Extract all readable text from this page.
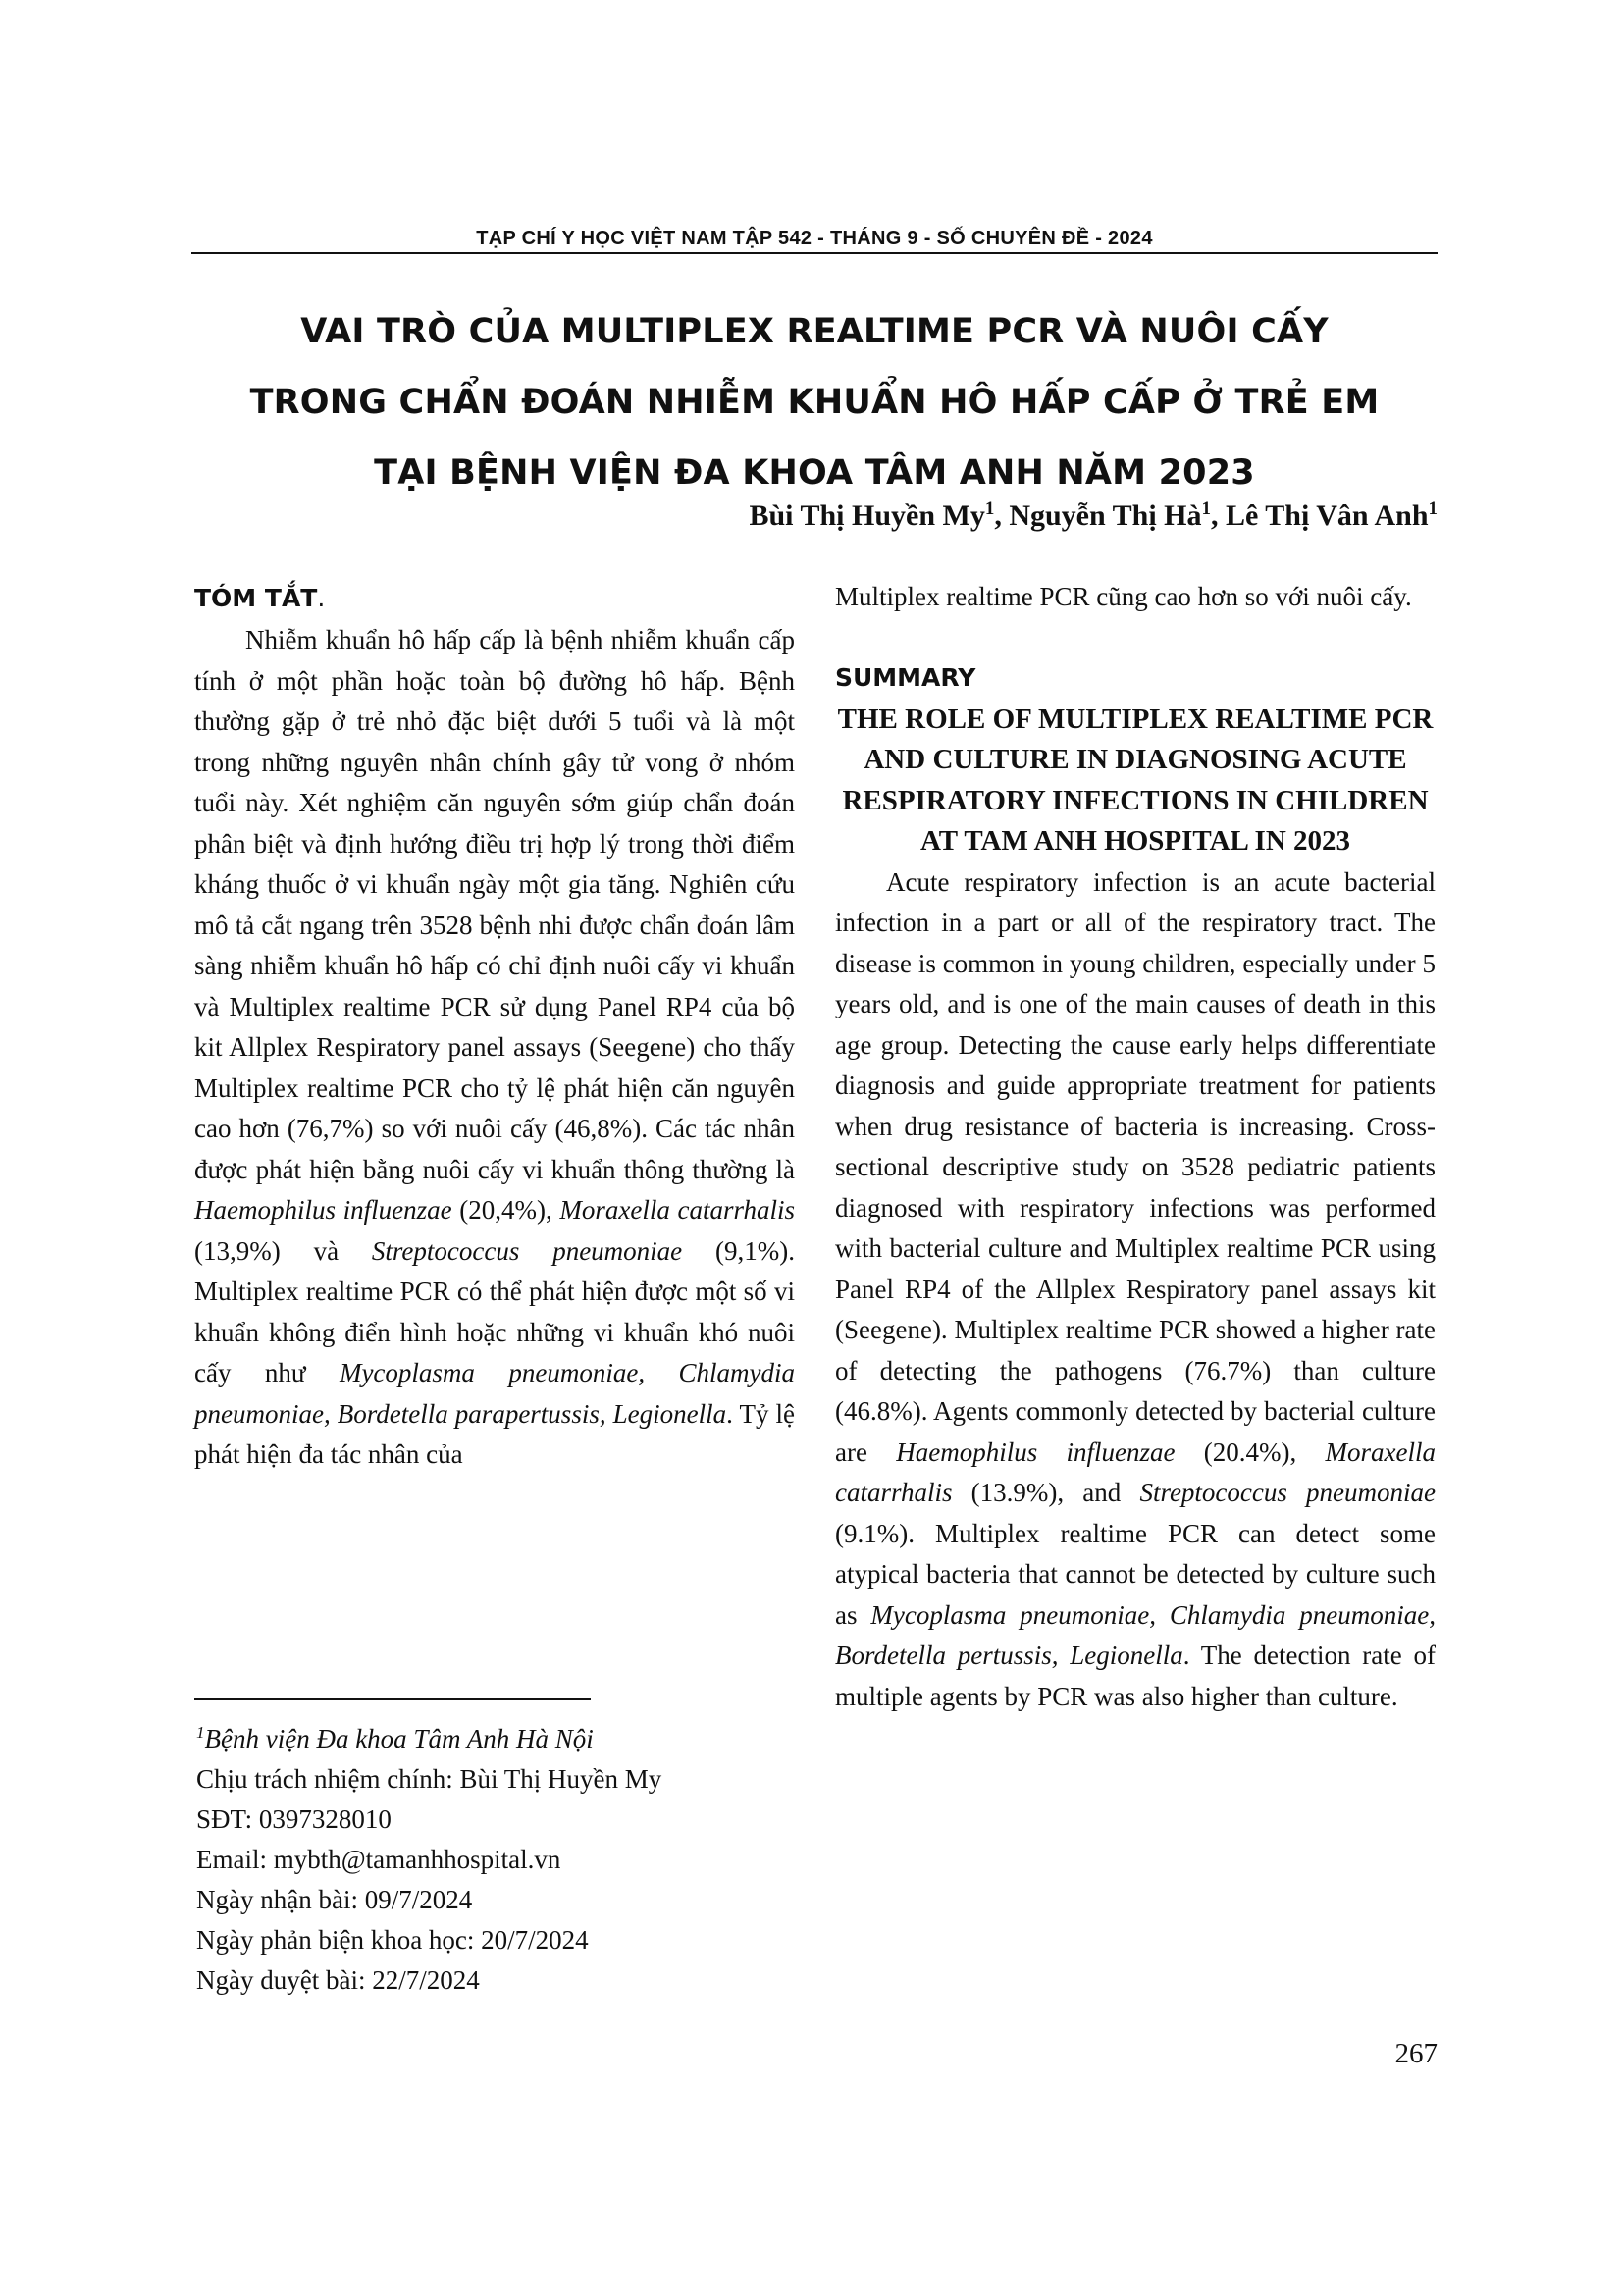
TẠP CHÍ Y HỌC VIỆT NAM TẬP 542 - THÁNG 9 - SỐ CHUYÊN ĐỀ - 2024
VAI TRÒ CỦA MULTIPLEX REALTIME PCR VÀ NUÔI CẤY
TRONG CHẨN ĐOÁN NHIỄM KHUẨN HÔ HẤP CẤP Ở TRẺ EM
TẠI BỆNH VIỆN ĐA KHOA TÂM ANH NĂM 2023
Bùi Thị Huyền My$^1$, Nguyễn Thị $Hà^1$, Lê Thị Vân Anh$^1$
TÓM TẮT.

Nhiễm khuẩn hô hấp cấp là bệnh nhiễm khuẩn cấp tính ở một phần hoặc toàn bộ đường hô hấp. Bệnh thường gặp ở trẻ nhỏ đặc biệt dưới 5 tuổi và là một trong những nguyên nhân chính gây tử vong ở nhóm tuổi này. Xét nghiệm căn nguyên sớm giúp chẩn đoán phân biệt và định hướng điều trị hợp lý trong thời điểm kháng thuốc ở vi khuẩn ngày một gia tăng. Nghiên cứu mô tả cắt ngang trên 3528 bệnh nhi được chẩn đoán lâm sàng nhiễm khuẩn hô hấp có chỉ định nuôi cấy vi khuẩn và Multiplex realtime PCR sử dụng Panel RP4 của bộ kit Allplex Respiratory panel assays (Seegene) cho thấy Multiplex realtime PCR cho tỷ lệ phát hiện căn nguyên cao hơn (76,7%) so với nuôi cấy (46,8%). Các tác nhân được phát hiện bằng nuôi cấy vi khuẩn thông thường là Haemophilus influenzae (20,4%), Moraxella catarrhalis (13,9%) và Streptococcus pneumoniae (9,1%). Multiplex realtime PCR có thể phát hiện được một số vi khuẩn không điển hình hoặc những vi khuẩn khó nuôi cấy như Mycoplasma pneumoniae, Chlamydia pneumoniae, Bordetella parapertussis, Legionella. Tỷ lệ phát hiện đa tác nhân của

$^1$Bệnh viện Đa khoa Tâm Anh Hà Nội
Chịu trách nhiệm chính: Bùi Thị Huyền My
SĐT: 0397328010
Email: mybth@tamanhhospital.vn
Ngày nhận bài: 09/7/2024
Ngày phản biện khoa học: 20/7/2024
Ngày duyệt bài: 22/7/2024

Multiplex realtime PCR cũng cao hơn so với nuôi cấy.

SUMMARY
THE ROLE OF MULTIPLEX REALTIME PCR AND CULTURE IN DIAGNOSING ACUTE RESPIRATORY INFECTIONS IN CHILDREN AT TAM ANH HOSPITAL IN 2023

Acute respiratory infection is an acute bacterial infection in a part or all of the respiratory tract. The disease is common in young children, especially under 5 years old, and is one of the main causes of death in this age group. Detecting the cause early helps differentiate diagnosis and guide appropriate treatment for patients when drug resistance of bacteria is increasing. Cross-sectional descriptive study on 3528 pediatric patients diagnosed with respiratory infections was performed with bacterial culture and Multiplex realtime PCR using Panel RP4 of the Allplex Respiratory panel assays kit (Seegene). Multiplex realtime PCR showed a higher rate of detecting the pathogens (76.7%) than culture (46.8%). Agents commonly detected by bacterial culture are Haemophilus influenzae (20.4%), Moraxella catarrhalis (13.9%), and Streptococcus pneumoniae (9.1%). Multiplex realtime PCR can detect some atypical bacteria that cannot be detected by culture such as Mycoplasma pneumoniae, Chlamydia pneumoniae, Bordetella pertussis, Legionella. The detection rate of multiple agents by PCR was also higher than culture.

267
